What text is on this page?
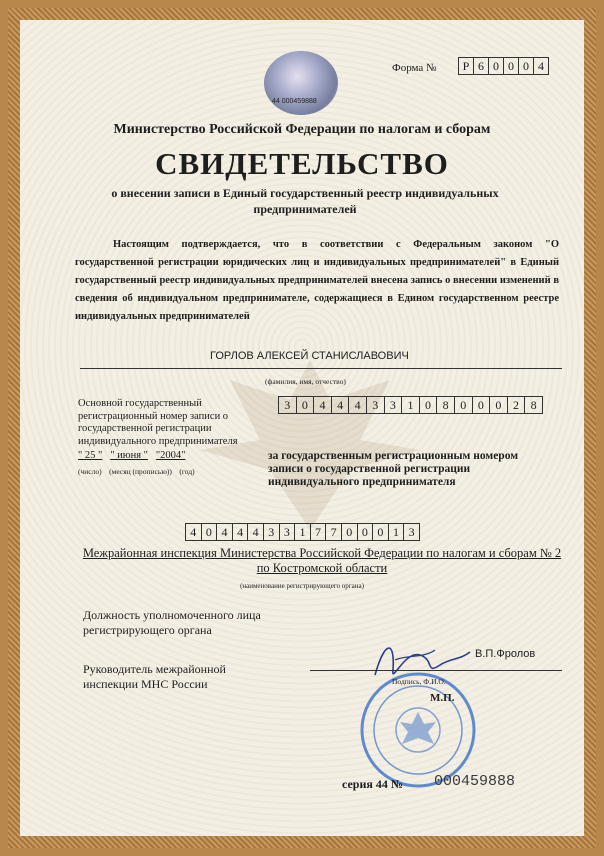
44 000459888
Форма №	Р 6 0 0 0 4
Министерство Российской Федерации по налогам и сборам
СВИДЕТЕЛЬСТВО
о внесении записи в Единый государственный реестр индивидуальных предпринимателей
Настоящим подтверждается, что в соответствии с Федеральным законом "О государственной регистрации юридических лиц и индивидуальных предпринимателей" в Единый государственный реестр индивидуальных предпринимателей внесена запись о внесении изменений в сведения об индивидуальном предпринимателе, содержащиеся в Едином государственном реестре индивидуальных предпринимателей
ГОРЛОВ АЛЕКСЕЙ СТАНИСЛАВОВИЧ
(фамилия, имя, отчество)
Основной государственный регистрационный номер записи о государственной регистрации индивидуального предпринимателя
3 0 4 4 4 3 3 1 0 8 0 0 0 2 8
" 25 " " июня " "2004"
(число) (месяц (прописью)) (год)
за государственным регистрационным номером записи о государственной регистрации индивидуального предпринимателя
4 0 4 4 4 3 3 1 7 7 0 0 0 1 3
Межрайонная инспекция Министерства Российской Федерации по налогам и сборам № 2 по Костромской области
(наименование регистрирующего органа)
Должность уполномоченного лица регистрирующего органа
Руководитель межрайонной инспекции МНС России
В.П.Фролов
Подпись, Ф.И.О.
М.П.
серия 44 № 000459888
